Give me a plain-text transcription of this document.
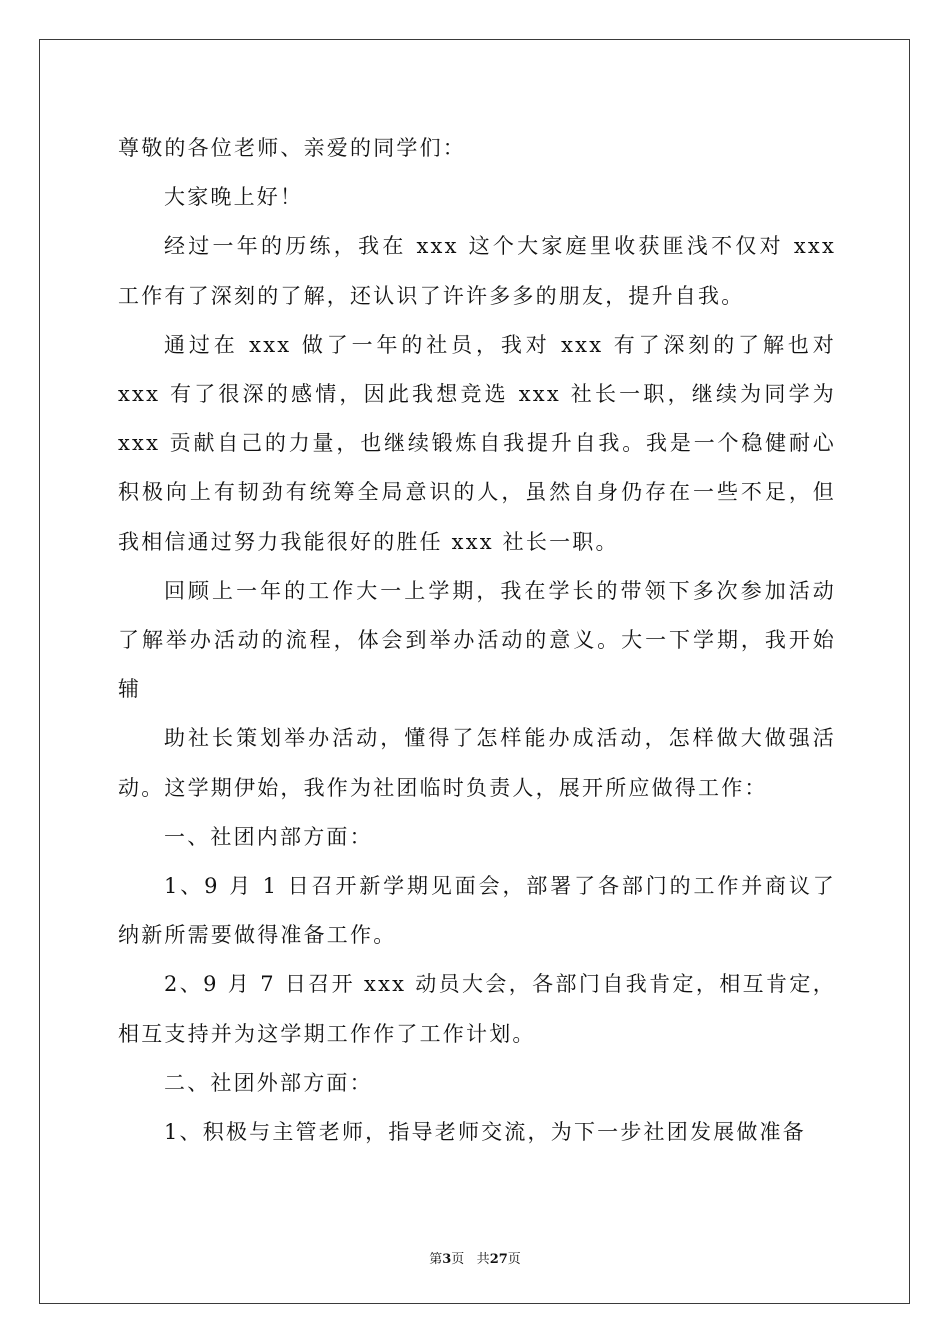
尊敬的各位老师、亲爱的同学们：

大家晚上好！

经过一年的历练，我在 xxx 这个大家庭里收获匪浅不仅对 xxx 工作有了深刻的了解，还认识了许许多多的朋友，提升自我。

通过在 xxx 做了一年的社员，我对 xxx 有了深刻的了解也对 xxx 有了很深的感情，因此我想竞选 xxx 社长一职，继续为同学为 xxx 贡献自己的力量，也继续锻炼自我提升自我。我是一个稳健耐心积极向上有韧劲有统筹全局意识的人，虽然自身仍存在一些不足，但我相信通过努力我能很好的胜任 xxx 社长一职。

回顾上一年的工作大一上学期，我在学长的带领下多次参加活动了解举办活动的流程，体会到举办活动的意义。大一下学期，我开始辅

助社长策划举办活动，懂得了怎样能办成活动，怎样做大做强活动。这学期伊始，我作为社团临时负责人，展开所应做得工作：

一、社团内部方面：

1、9 月 1 日召开新学期见面会，部署了各部门的工作并商议了纳新所需要做得准备工作。

2、9 月 7 日召开 xxx 动员大会，各部门自我肯定，相互肯定，相互支持并为这学期工作作了工作计划。

二、社团外部方面：

1、积极与主管老师，指导老师交流，为下一步社团发展做准备

第3页 共27页
